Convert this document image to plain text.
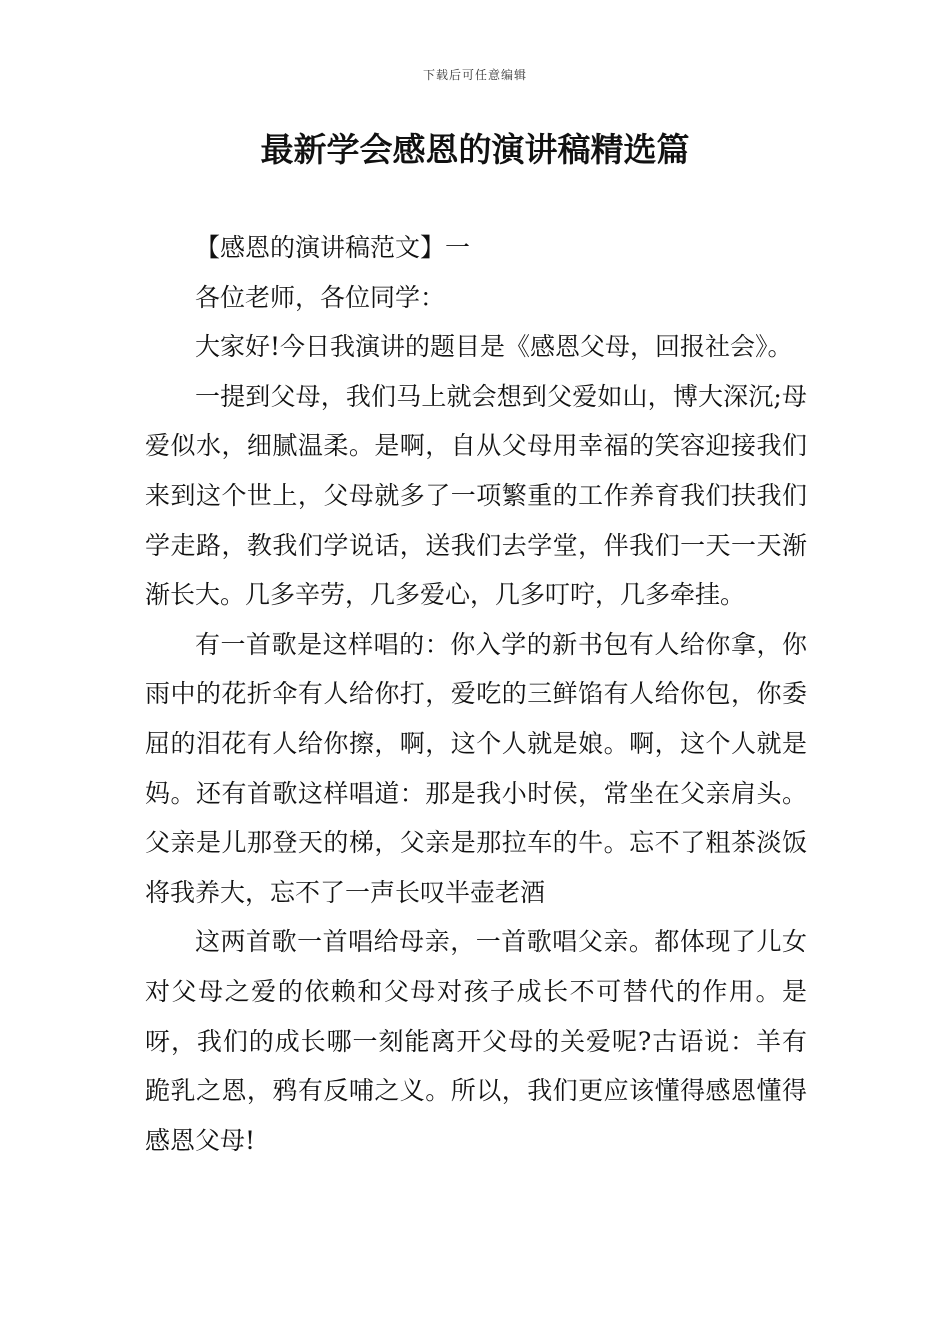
下载后可任意编辑
最新学会感恩的演讲稿精选篇

【感恩的演讲稿范文】一

各位老师，各位同学：

大家好!今日我演讲的题目是《感恩父母，回报社会》。

一提到父母，我们马上就会想到父爱如山，博大深沉;母爱似水，细腻温柔。是啊，自从父母用幸福的笑容迎接我们来到这个世上，父母就多了一项繁重的工作养育我们扶我们学走路，教我们学说话，送我们去学堂，伴我们一天一天渐渐长大。几多辛劳，几多爱心，几多叮咛，几多牵挂。

有一首歌是这样唱的：你入学的新书包有人给你拿，你雨中的花折伞有人给你打，爱吃的三鲜馅有人给你包，你委屈的泪花有人给你擦，啊，这个人就是娘。啊，这个人就是妈。还有首歌这样唱道：那是我小时侯，常坐在父亲肩头。父亲是儿那登天的梯，父亲是那拉车的牛。忘不了粗茶淡饭将我养大，忘不了一声长叹半壶老酒

这两首歌一首唱给母亲，一首歌唱父亲。都体现了儿女对父母之爱的依赖和父母对孩子成长不可替代的作用。是呀，我们的成长哪一刻能离开父母的关爱呢?古语说：羊有跪乳之恩，鸦有反哺之义。所以，我们更应该懂得感恩懂得感恩父母!
